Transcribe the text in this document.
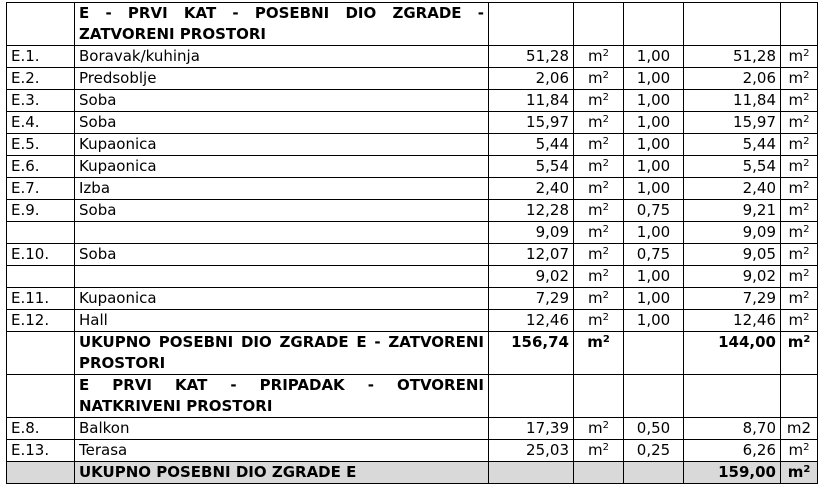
	E - PRVI KAT - POSEBNI DIO ZGRADE - ZATVORENI PROSTORI					
E.1.	Boravak/kuhinja	51,28	$m^2$	1,00	51,28	$m^2$
E.2.	Predsoblje	2,06	$m^2$	1,00	2,06	$m^2$
E.3.	Soba	11,84	$m^2$	1,00	11,84	$m^2$
E.4.	Soba	15,97	$m^2$	1,00	15,97	$m^2$
E.5.	Kupaonica	5,44	$m^2$	1,00	5,44	$m^2$
E.6.	Kupaonica	5,54	$m^2$	1,00	5,54	$m^2$
E.7.	Izba	2,40	$m^2$	1,00	2,40	$m^2$
E.9.	Soba	12,28	$m^2$	0,75	9,21	$m^2$
		9,09	$m^2$	1,00	9,09	$m^2$
E.10.	Soba	12,07	$m^2$	0,75	9,05	$m^2$
		9,02	$m^2$	1,00	9,02	$m^2$
E.11.	Kupaonica	7,29	$m^2$	1,00	7,29	$m^2$
E.12.	Hall	12,46	$m^2$	1,00	12,46	$m^2$
	UKUPNO POSEBNI DIO ZGRADE E - ZATVORENI PROSTORI	156,74	$m^2$		144,00	$m^2$
	E PRVI KAT - PRIPADAK - OTVORENI NATKRIVENI PROSTORI					
E.8.	Balkon	17,39	$m^2$	0,50	8,70	m2
E.13.	Terasa	25,03	$m^2$	0,25	6,26	$m^2$
	UKUPNO POSEBNI DIO ZGRADE E				159,00	$m^2$
